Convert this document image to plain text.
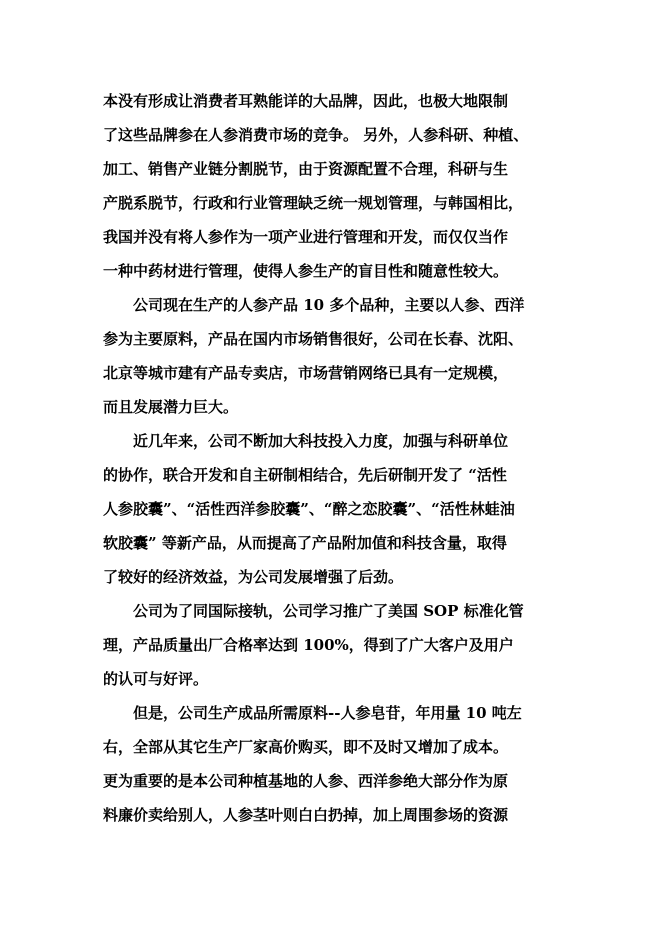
本没有形成让消费者耳熟能详的大品牌，因此，也极大地限制
了这些品牌参在人参消费市场的竞争。 另外，人参科研、种植、
加工、销售产业链分割脱节，由于资源配置不合理，科研与生
产脱系脱节，行政和行业管理缺乏统一规划管理，与韩国相比，
我国并没有将人参作为一项产业进行管理和开发，而仅仅当作
一种中药材进行管理，使得人参生产的盲目性和随意性较大。
公司现在生产的人参产品 10 多个品种，主要以人参、西洋
参为主要原料，产品在国内市场销售很好，公司在长春、沈阳、
北京等城市建有产品专卖店，市场营销网络已具有一定规模，
而且发展潜力巨大。
近几年来，公司不断加大科技投入力度，加强与科研单位
的协作，联合开发和自主研制相结合，先后研制开发了 “活性
人参胶囊”、“活性西洋参胶囊”、“醉之恋胶囊”、“活性林蛙油
软胶囊” 等新产品，从而提高了产品附加值和科技含量，取得
了较好的经济效益，为公司发展增强了后劲。
公司为了同国际接轨，公司学习推广了美国 SOP 标准化管
理，产品质量出厂合格率达到 100%，得到了广大客户及用户
的认可与好评。
但是，公司生产成品所需原料--人参皂苷，年用量 10 吨左
右，全部从其它生产厂家高价购买，即不及时又增加了成本。
更为重要的是本公司种植基地的人参、西洋参绝大部分作为原
料廉价卖给别人，人参茎叶则白白扔掉，加上周围参场的资源
